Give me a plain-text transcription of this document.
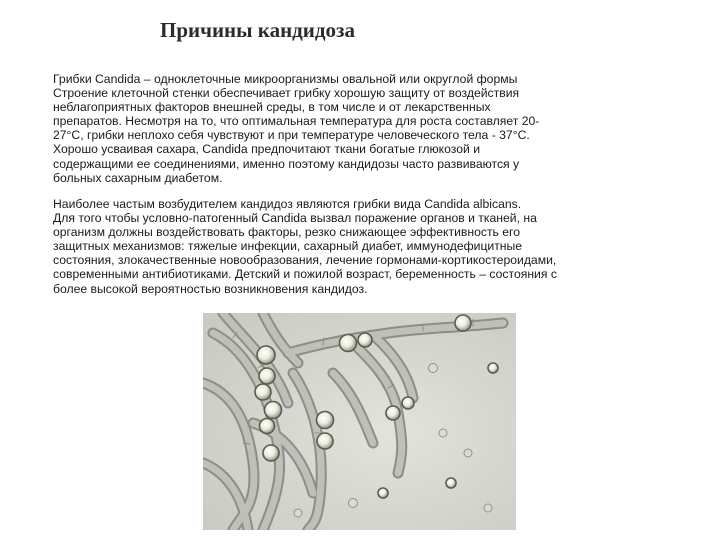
Причины кандидоза

Грибки Candida – одноклеточные микроорганизмы овальной или округлой формы
Строение клеточной стенки обеспечивает грибку хорошую защиту от воздействия
неблагоприятных факторов внешней среды, в том числе и от лекарственных
препаратов. Несмотря на то, что оптимальная температура для роста составляет 20-
27°С, грибки неплохо себя чувствуют и при температуре человеческого тела - 37°С.
Хорошо усваивая сахара, Candida предпочитают ткани богатые глюкозой и
содержащими ее соединениями, именно поэтому кандидозы часто развиваются у
больных сахарным диабетом.

Наиболее частым возбудителем кандидоз являются грибки вида Candida albicans.
Для того чтобы условно-патогенный Candida вызвал поражение органов и тканей, на
организм должны воздействовать факторы, резко снижающее эффективность его
защитных механизмов: тяжелые инфекции, сахарный диабет, иммунодефицитные
состояния, злокачественные новообразования, лечение гормонами-кортикостероидами,
современными антибиотиками. Детский и пожилой возраст, беременность – состояния с
более высокой вероятностью возникновения кандидоз.
